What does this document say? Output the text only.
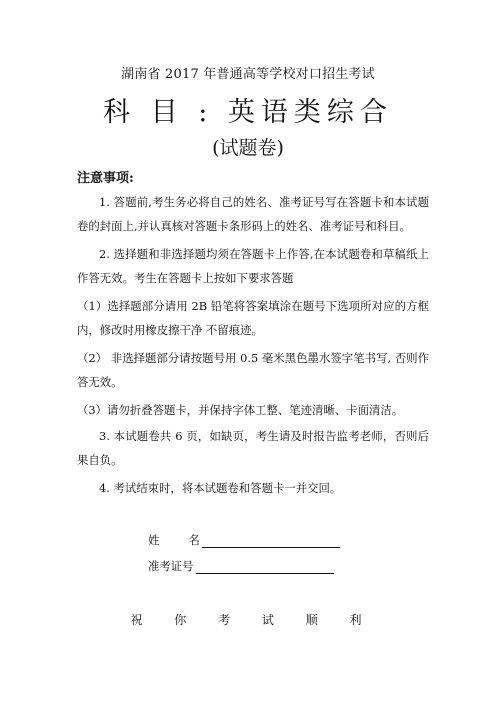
湖南省 2017 年普通高等学校对口招生考试
科 目 : 英语类综合
(试题卷)
注意事项:

1. 答题前,考生务必将自己的姓名、准考证号写在答题卡和本试题卷的封面上,并认真核对答题卡条形码上的姓名、准考证号和科目。

2. 选择题和非选择题均须在答题卡上作答,在本试题卷和草稿纸上作答无效。考生在答题卡上按如下要求答题

（1）选择题部分请用 2B 铅笔将答案填涂在题号下选项所对应的方框内，修改时用橡皮擦干净 不留痕迹。

（2） 非选择题部分请按题号用 0.5 毫米黑色墨水签字笔书写, 否则作答无效。

（3）请勿折叠答题卡，并保持字体工整、笔迹清晰、卡面清洁。

3. 本试题卷共 6 页，如缺页，考生请及时报告监考老师，否则后果自负。

4. 考试结束时，将本试题卷和答题卡一并交回。

姓        名
准考证号
祝 你 考 试 顺 利
